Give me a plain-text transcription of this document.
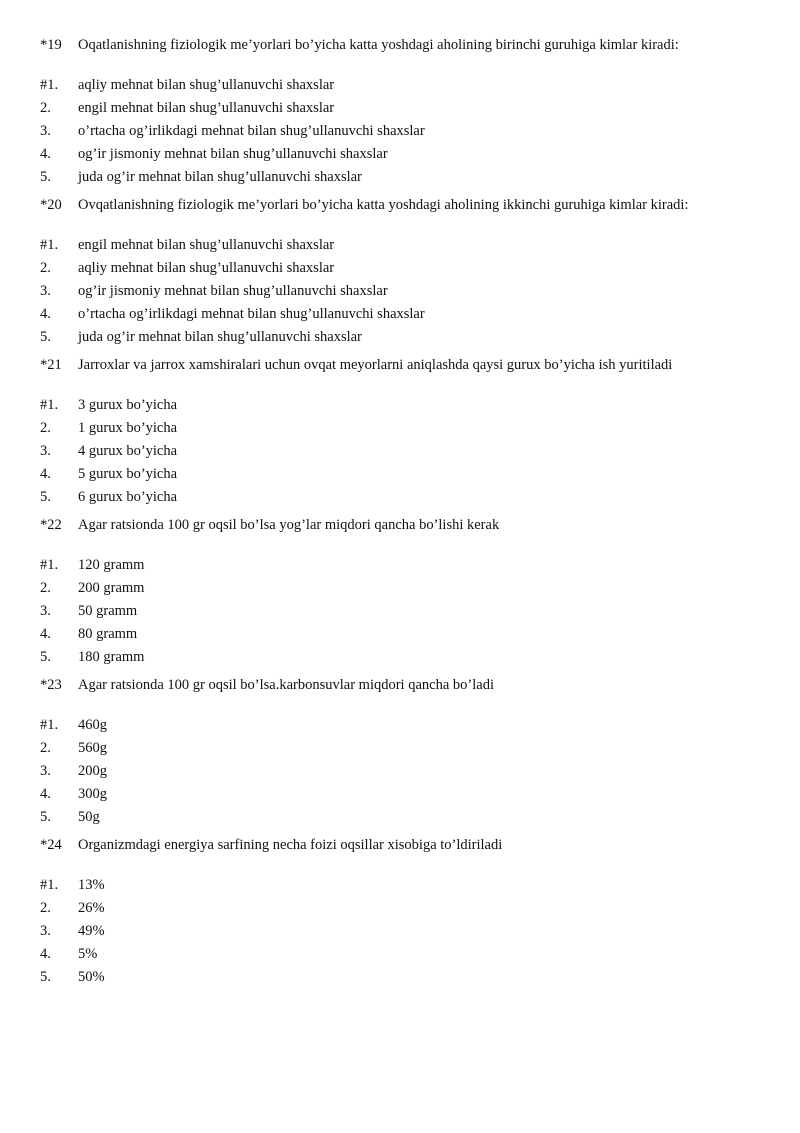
*19 Oqatlanishning fiziologik me’yorlari bo’yicha katta yoshdagi aholining birinchi guruhiga kimlar kiradi:
#1. aqliy mehnat bilan shug’ullanuvchi shaxslar
2. engil mehnat bilan shug’ullanuvchi shaxslar
3. o’rtacha og’irlikdagi mehnat bilan shug’ullanuvchi shaxslar
4. og’ir jismoniy mehnat bilan shug’ullanuvchi shaxslar
5. juda og’ir mehnat bilan shug’ullanuvchi shaxslar
*20 Ovqatlanishning fiziologik me’yorlari bo’yicha katta yoshdagi aholining ikkinchi guruhiga kimlar kiradi:
#1. engil mehnat bilan shug’ullanuvchi shaxslar
2. aqliy mehnat bilan shug’ullanuvchi shaxslar
3. og’ir jismoniy mehnat bilan shug’ullanuvchi shaxslar
4. o’rtacha og’irlikdagi mehnat bilan shug’ullanuvchi shaxslar
5. juda og’ir mehnat bilan shug’ullanuvchi shaxslar
*21 Jarroxlar va jarrox xamshiralari uchun ovqat meyorlarni aniqlashda qaysi gurux bo’yicha ish yuritiladi
#1. 3 gurux bo’yicha
2. 1 gurux bo’yicha
3. 4 gurux bo’yicha
4. 5 gurux bo’yicha
5. 6 gurux bo’yicha
*22 Agar ratsionda 100 gr oqsil bo’lsa yog’lar miqdori qancha bo’lishi kerak
#1. 120 gramm
2. 200 gramm
3. 50 gramm
4. 80 gramm
5. 180 gramm
*23 Agar ratsionda 100 gr oqsil bo’lsa.karbonsuvlar miqdori qancha bo’ladi
#1. 460g
2. 560g
3. 200g
4. 300g
5. 50g
*24 Organizmdagi energiya sarfining necha foizi oqsillar xisobiga to’ldiriladi
#1. 13%
2. 26%
3. 49%
4. 5%
5. 50%
